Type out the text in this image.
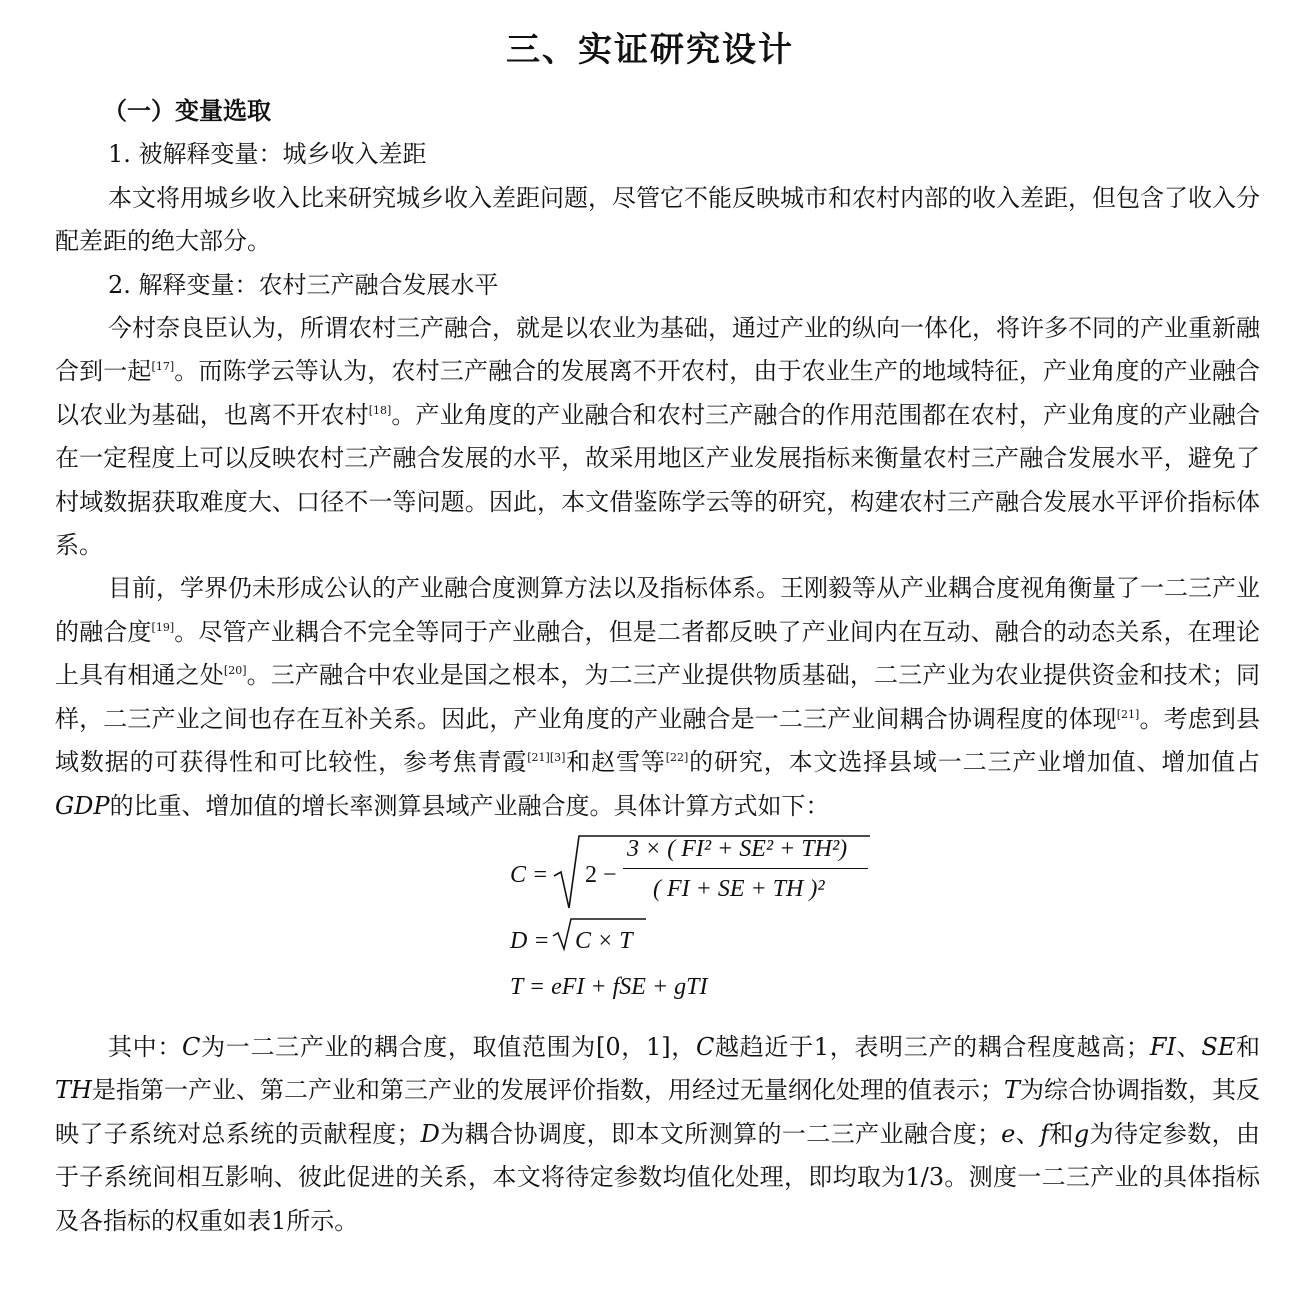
三、实证研究设计

（一）变量选取

1. 被解释变量：城乡收入差距

本文将用城乡收入比来研究城乡收入差距问题，尽管它不能反映城市和农村内部的收入差距，但包含了收入分配差距的绝大部分。

2. 解释变量：农村三产融合发展水平

今村奈良臣认为，所谓农村三产融合，就是以农业为基础，通过产业的纵向一体化，将许多不同的产业重新融合到一起[17]。而陈学云等认为，农村三产融合的发展离不开农村，由于农业生产的地域特征，产业角度的产业融合以农业为基础，也离不开农村[18]。产业角度的产业融合和农村三产融合的作用范围都在农村，产业角度的产业融合在一定程度上可以反映农村三产融合发展的水平，故采用地区产业发展指标来衡量农村三产融合发展水平，避免了村域数据获取难度大、口径不一等问题。因此，本文借鉴陈学云等的研究，构建农村三产融合发展水平评价指标体系。

目前，学界仍未形成公认的产业融合度测算方法以及指标体系。王刚毅等从产业耦合度视角衡量了一二三产业的融合度[19]。尽管产业耦合不完全等同于产业融合，但是二者都反映了产业间内在互动、融合的动态关系，在理论上具有相通之处[20]。三产融合中农业是国之根本，为二三产业提供物质基础，二三产业为农业提供资金和技术；同样，二三产业之间也存在互补关系。因此，产业角度的产业融合是一二三产业间耦合协调程度的体现[21]。考虑到县域数据的可获得性和可比较性，参考焦青霞[21][3]和赵雪等[22]的研究，本文选择县域一二三产业增加值、增加值占GDP的比重、增加值的增长率测算县域产业融合度。具体计算方式如下：

C = 2 −
3 × ( FI² + SE² + TH²)
( FI + SE + TH )²
D = C × T
T = eFI + fSE + gTI

其中：C为一二三产业的耦合度，取值范围为[0，1]，C越趋近于1，表明三产的耦合程度越高；FI、SE和TH是指第一产业、第二产业和第三产业的发展评价指数，用经过无量纲化处理的值表示；T为综合协调指数，其反映了子系统对总系统的贡献程度；D为耦合协调度，即本文所测算的一二三产业融合度；e、f和g为待定参数，由于子系统间相互影响、彼此促进的关系，本文将待定参数均值化处理，即均取为1/3。测度一二三产业的具体指标及各指标的权重如表1所示。
